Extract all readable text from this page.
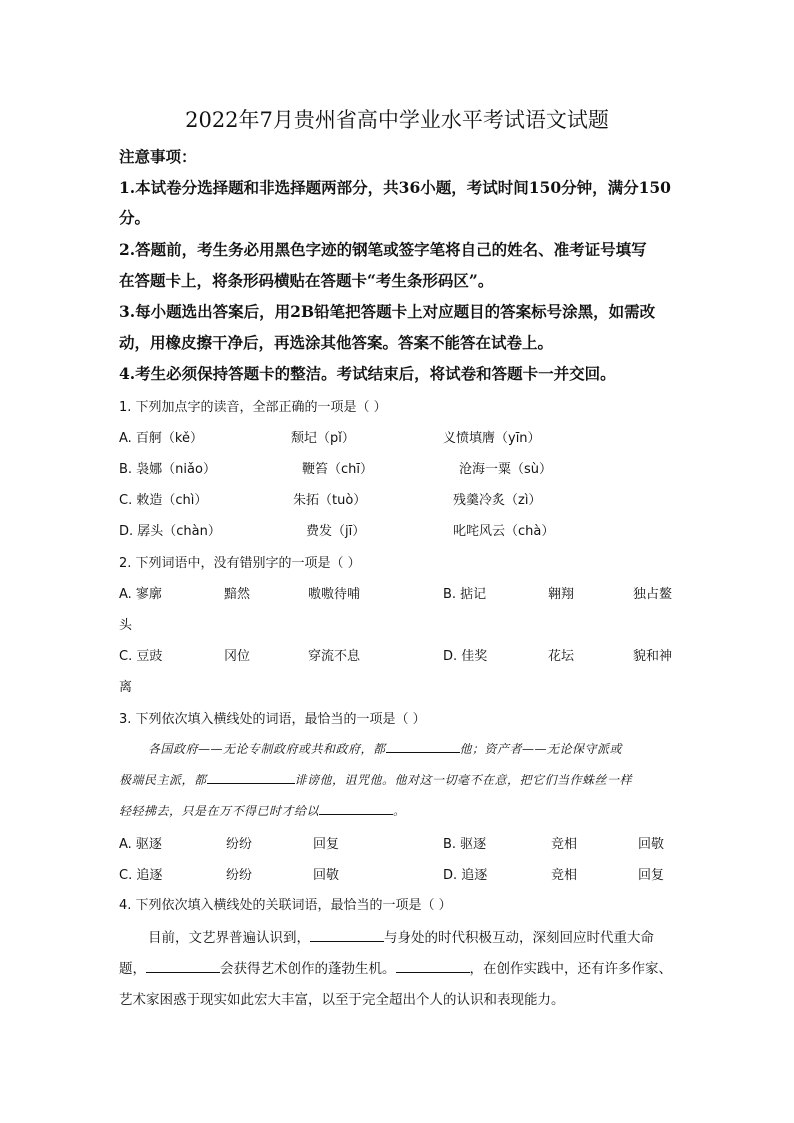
2022年7月贵州省高中学业水平考试语文试题
注意事项：
1.本试卷分选择题和非选择题两部分，共36小题，考试时间150分钟，满分150
分。
2.答题前，考生务必用黑色字迹的钢笔或签字笔将自己的姓名、准考证号填写
在答题卡上，将条形码横贴在答题卡“考生条形码区”。
3.每小题选出答案后，用2B铅笔把答题卡上对应题目的答案标号涂黑，如需改
动，用橡皮擦干净后，再选涂其他答案。答案不能答在试卷上。
4.考生必须保持答题卡的整洁。考试结束后，将试卷和答题卡一并交回。
1. 下列加点字的读音，全部正确的一项是（ ）
A. 百舸（kě）	颓圮（pǐ）	义愤填膺（yīn）
B. 袅娜（niǎo）	鞭笞（chī）	沧海一粟（sù）
C. 敕造（chì）	朱拓（tuò）	残羹冷炙（zì）
D. 孱头（chàn）	费发（jī）	叱咤风云（chà）
2. 下列词语中，没有错别字的一项是（ ）
A. 寥廓	黯然	嗷嗷待哺	B. 掂记	翱翔	独占鳌
头
C. 豆豉	冈位	穿流不息	D. 佳奖	花坛	貌和神
离
3. 下列依次填入横线处的词语，最恰当的一项是（ ）
各国政府——无论专制政府或共和政府，都	他；资产者——无论保守派或
极端民主派，都	诽谤他，诅咒他。他对这一切毫不在意，把它们当作蛛丝一样
轻轻拂去，只是在万不得已时才给以	。
A. 驱逐	纷纷	回复	B. 驱逐	竞相	回敬
C. 追逐	纷纷	回敬	D. 追逐	竞相	回复
4. 下列依次填入横线处的关联词语，最恰当的一项是（ ）
目前，文艺界普遍认识到，	与身处的时代积极互动，深刻回应时代重大命
题，	会获得艺术创作的蓬勃生机。	，在创作实践中，还有许多作家、
艺术家困惑于现实如此宏大丰富，以至于完全超出个人的认识和表现能力。
